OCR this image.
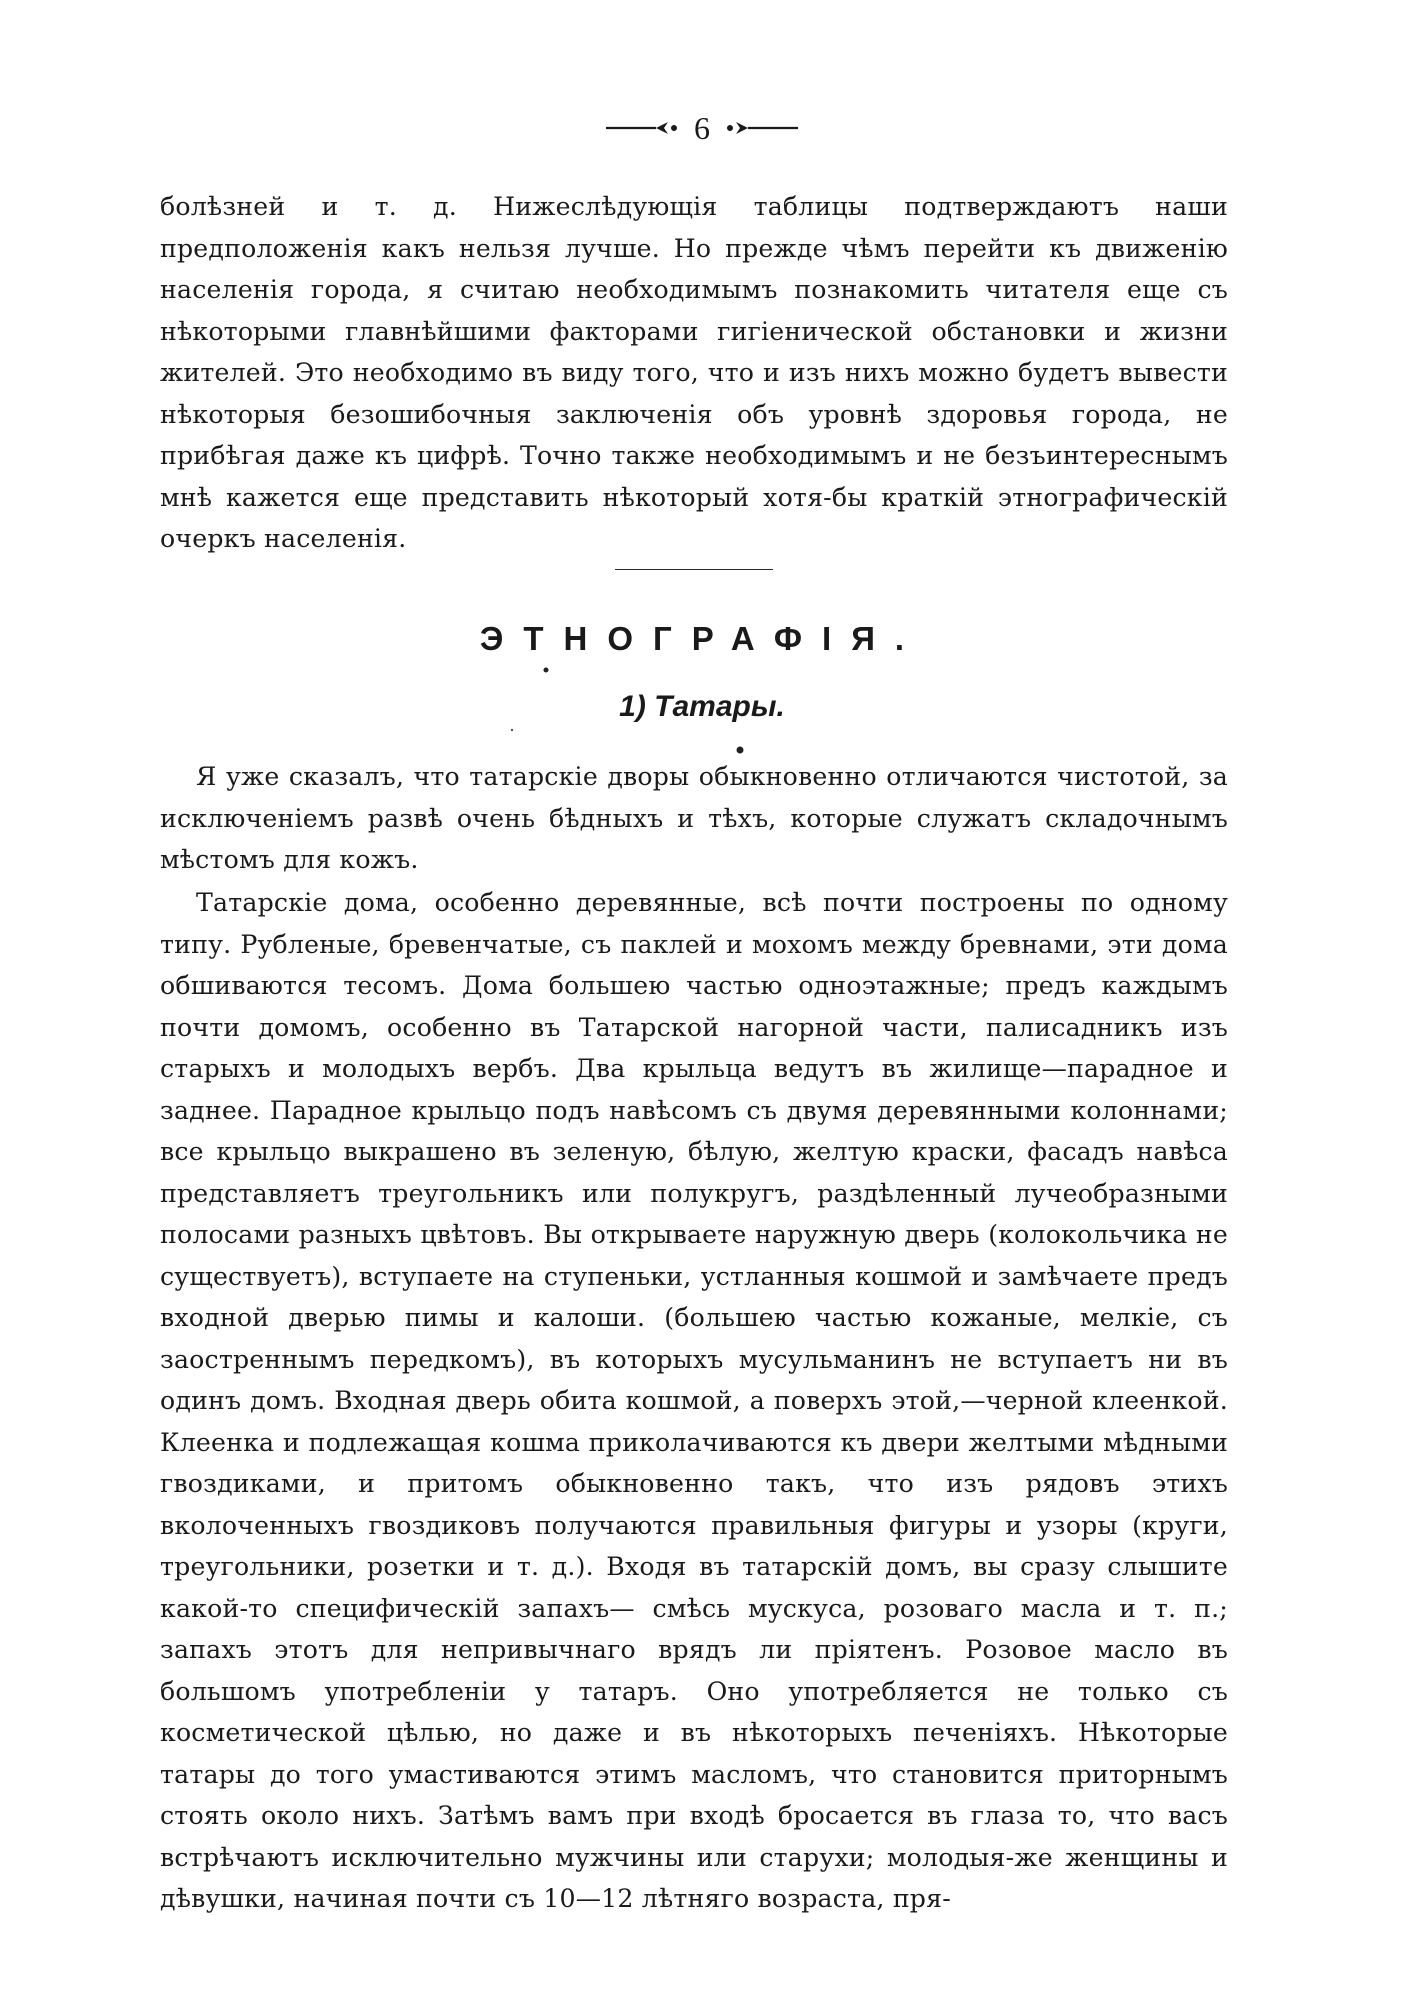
6

болѣзней и т. д. Нижеслѣдующія таблицы подтверждаютъ наши предположенія какъ нельзя лучше. Но прежде чѣмъ перейти къ движенію населенія города, я считаю необходимымъ познакомить читателя еще съ нѣкоторыми главнѣйшими факторами гигіенической обстановки и жизни жителей. Это необходимо въ виду того, что и изъ нихъ можно будетъ вывести нѣкоторыя безошибочныя заключенія объ уровнѣ здоровья города, не прибѣгая даже къ цифрѣ. Точно также необходимымъ и не безъинтереснымъ мнѣ кажется еще представить нѣкоторый хотя-бы краткій этнографическій очеркъ населенія.

ЭТНОГРАФІЯ.
1) Татары.

Я уже сказалъ, что татарскіе дворы обыкновенно отличаются чистотой, за исключеніемъ развѣ очень бѣдныхъ и тѣхъ, которые служатъ складочнымъ мѣстомъ для кожъ.

Татарскіе дома, особенно деревянные, всѣ почти построены по одному типу. Рубленые, бревенчатые, съ паклей и мохомъ между бревнами, эти дома обшиваются тесомъ. Дома большею частью одноэтажные; предъ каждымъ почти домомъ, особенно въ Татарской нагорной части, палисадникъ изъ старыхъ и молодыхъ вербъ. Два крыльца ведутъ въ жилище—парадное и заднее. Парадное крыльцо подъ навѣсомъ съ двумя деревянными колоннами; все крыльцо выкрашено въ зеленую, бѣлую, желтую краски, фасадъ навѣса представляетъ треугольникъ или полукругъ, раздѣленный лучеобразными полосами разныхъ цвѣтовъ. Вы открываете наружную дверь (колокольчика не существуетъ), вступаете на ступеньки, устланныя кошмой и замѣчаете предъ входной дверью пимы и калоши. (большею частью кожаные, мелкіе, съ заостреннымъ передкомъ), въ которыхъ мусульманинъ не вступаетъ ни въ одинъ домъ. Входная дверь обита кошмой, а поверхъ этой,—черной клеенкой. Клеенка и подлежащая кошма приколачиваются къ двери желтыми мѣдными гвоздиками, и притомъ обыкновенно такъ, что изъ рядовъ этихъ вколоченныхъ гвоздиковъ получаются правильныя фигуры и узоры (круги, треугольники, розетки и т. д.). Входя въ татарскій домъ, вы сразу слышите какой-то специфическій запахъ— смѣсь мускуса, розоваго масла и т. п.; запахъ этотъ для непривычнаго врядъ ли пріятенъ. Розовое масло въ большомъ употребленіи у татаръ. Оно употребляется не только съ косметической цѣлью, но даже и въ нѣкоторыхъ печеніяхъ. Нѣкоторые татары до того умастиваются этимъ масломъ, что становится приторнымъ стоять около нихъ. Затѣмъ вамъ при входѣ бросается въ глаза то, что васъ встрѣчаютъ исключительно мужчины или старухи; молодыя-же женщины и дѣвушки, начиная почти съ 10—12 лѣтняго возраста, пря-
